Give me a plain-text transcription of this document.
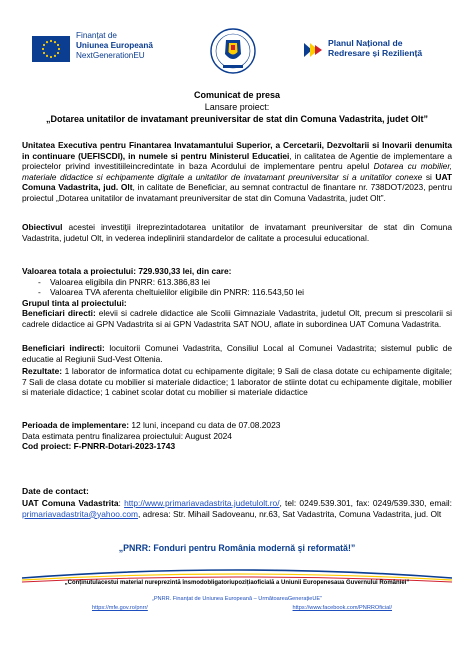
Finanțat de
Uniunea Europeană
NextGenerationEU
Planul Național de
Redresare și Reziliență
Comunicat de presa
Lansare proiect:
„Dotarea unitatilor de invatamant preuniversitar de stat din Comuna Vadastrita, judet Olt”
Unitatea Executiva pentru Finantarea Invatamantului Superior, a Cercetarii, Dezvoltarii si Inovarii denumita in continuare (UEFISCDI), in numele si pentru Ministerul Educatiei, in calitatea de Agentie de implementare a proiectelor privind investitiileincredintate in baza Acordului de implementare pentru apelul Dotarea cu mobilier, materiale didactice si echipamente digitale a unitatilor de invatamant preuniversitar si a unitatilor conexe si UAT Comuna Vadastrita, jud. Olt, in calitate de Beneficiar, au semnat contractul de finantare nr. 738DOT/2023, pentru proiectul „Dotarea unitatilor de invatamant preuniversitar de stat din Comuna Vadastrita, judet Olt”.
Obiectivul acestei investiții ilreprezintadotarea unitatilor de invatamant preuniversitar de stat din Comuna Vadastrita, judetul Olt, in vederea indeplinirii standardelor de calitate a procesului educational.
Valoarea totala a proiectului: 729.930,33 lei, din care:
- Valoarea eligibila din PNRR: 613.386,83 lei
- Valoarea TVA aferenta cheltuielilor eligibile din PNRR: 116.543,50 lei
Grupul tinta al proiectului:
Beneficiari directi: elevii si cadrele didactice ale Scolii Gimnaziale Vadastrita, judetul Olt, precum si prescolarii si cadrele didactice ai GPN Vadastrita si ai GPN Vadastrita SAT NOU, aflate in subordinea UAT Comuna Vadastrita.
Beneficiari indirecti: locuitorii Comunei Vadastrita, Consiliul Local al Comunei Vadastrita; sistemul public de educatie al Regiunii Sud-Vest Oltenia.
Rezultate: 1 laborator de informatica dotat cu echipamente digitale; 9 Sali de clasa dotate cu echipamente digitale; 7 Sali de clasa dotate cu mobilier si materiale didactice; 1 laborator de stiinte dotat cu echipamente digitale, mobilier si materiale didactice; 1 cabinet scolar dotat cu mobilier si materiale didactice
Perioada de implementare: 12 luni, incepand cu data de 07.08.2023
Data estimata pentru finalizarea proiectului: August 2024
Cod proiect: F-PNRR-Dotari-2023-1743
Date de contact:
UAT Comuna Vadastrita: http://www.primariavadastrita.judetulolt.ro/, tel: 0249.539.301, fax: 0249/539.330, email: primariavadastrita@yahoo.com, adresa: Str. Mihail Sadoveanu, nr.63, Sat Vadastrita, Comuna Vadastrita, jud. Olt
„PNRR: Fonduri pentru România modernă și reformată!”
„Conținutulacestui material nureprezintă însmodobligatoriupozițiaoficială a Uniunii Europenesaua Guvernului României”
„PNRR. Finanțat de Uniunea Europeană – UrmătoareaGenerațieUE”
https://mfe.gov.ro/pnrr/	https://www.facebook.com/PNRROficial/
